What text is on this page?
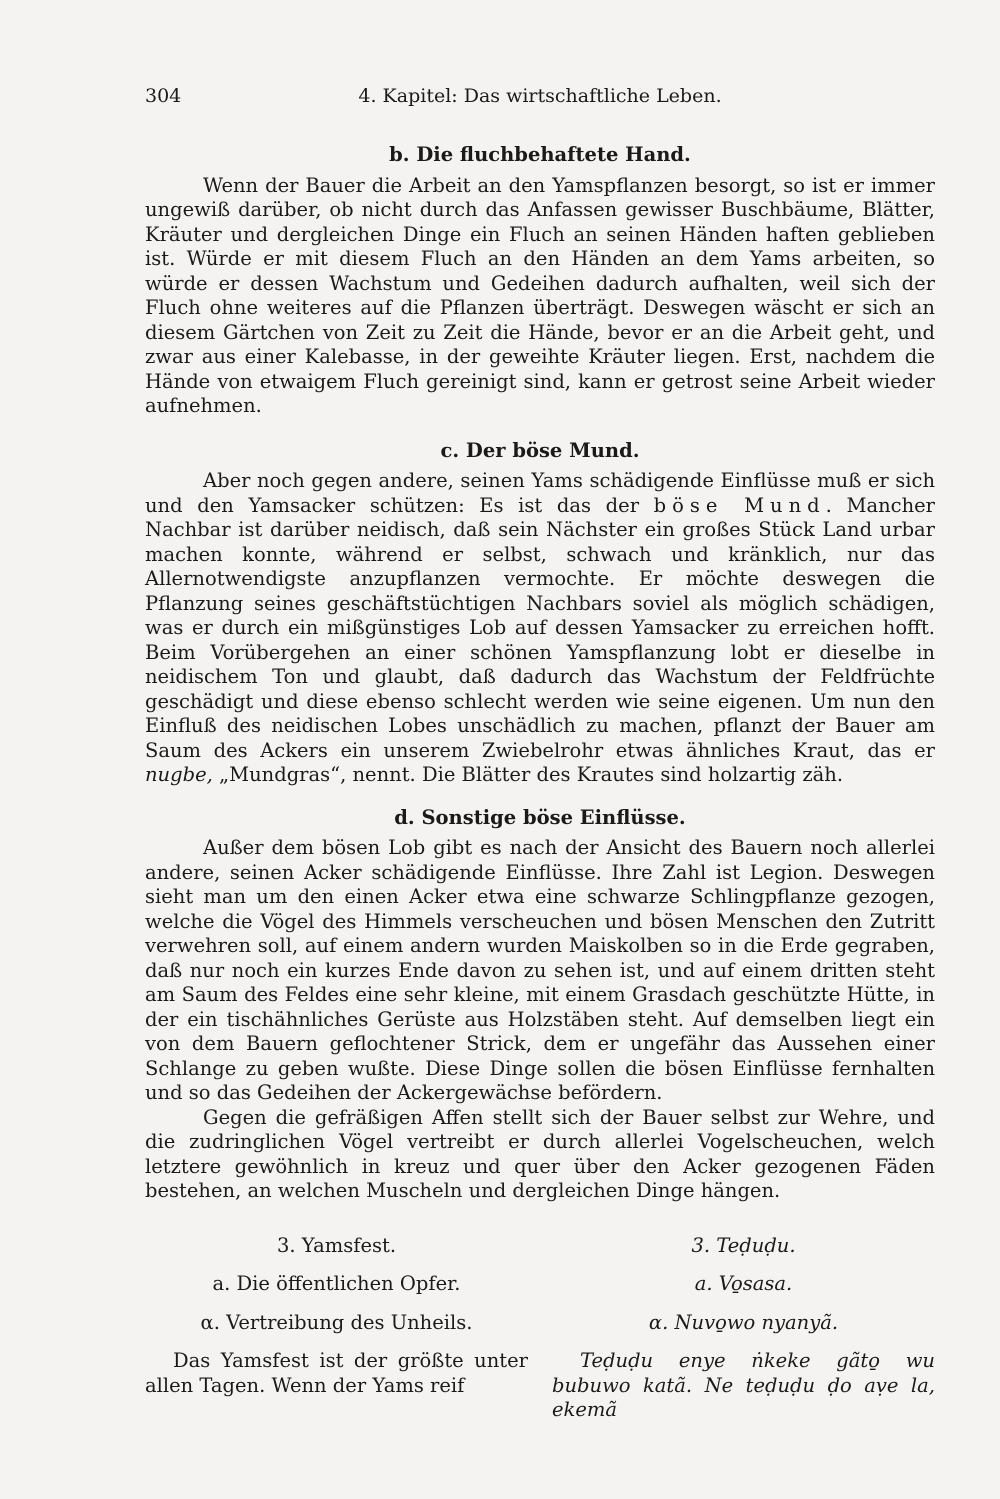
304	4. Kapitel: Das wirtschaftliche Leben.
b. Die fluchbehaftete Hand.

Wenn der Bauer die Arbeit an den Yamspflanzen besorgt, so ist er immer ungewiß darüber, ob nicht durch das Anfassen gewisser Buschbäume, Blätter, Kräuter und dergleichen Dinge ein Fluch an seinen Händen haften geblieben ist. Würde er mit diesem Fluch an den Händen an dem Yams arbeiten, so würde er dessen Wachstum und Gedeihen dadurch aufhalten, weil sich der Fluch ohne weiteres auf die Pflanzen überträgt. Deswegen wäscht er sich an diesem Gärtchen von Zeit zu Zeit die Hände, bevor er an die Arbeit geht, und zwar aus einer Kalebasse, in der geweihte Kräuter liegen. Erst, nachdem die Hände von etwaigem Fluch gereinigt sind, kann er getrost seine Arbeit wieder aufnehmen.

c. Der böse Mund.

Aber noch gegen andere, seinen Yams schädigende Einflüsse muß er sich und den Yamsacker schützen: Es ist das der böse Mund. Mancher Nachbar ist darüber neidisch, daß sein Nächster ein großes Stück Land urbar machen konnte, während er selbst, schwach und kränklich, nur das Allernotwendigste anzupflanzen vermochte. Er möchte deswegen die Pflanzung seines geschäftstüchtigen Nachbars soviel als möglich schädigen, was er durch ein mißgünstiges Lob auf dessen Yamsacker zu erreichen hofft. Beim Vorübergehen an einer schönen Yamspflanzung lobt er dieselbe in neidischem Ton und glaubt, daß dadurch das Wachstum der Feldfrüchte geschädigt und diese ebenso schlecht werden wie seine eigenen. Um nun den Einfluß des neidischen Lobes unschädlich zu machen, pflanzt der Bauer am Saum des Ackers ein unserem Zwiebelrohr etwas ähnliches Kraut, das er nugbe, „Mundgras“, nennt. Die Blätter des Krautes sind holzartig zäh.

d. Sonstige böse Einflüsse.

Außer dem bösen Lob gibt es nach der Ansicht des Bauern noch allerlei andere, seinen Acker schädigende Einflüsse. Ihre Zahl ist Legion. Deswegen sieht man um den einen Acker etwa eine schwarze Schlingpflanze gezogen, welche die Vögel des Himmels verscheuchen und bösen Menschen den Zutritt verwehren soll, auf einem andern wurden Maiskolben so in die Erde gegraben, daß nur noch ein kurzes Ende davon zu sehen ist, und auf einem dritten steht am Saum des Feldes eine sehr kleine, mit einem Grasdach geschützte Hütte, in der ein tischähnliches Gerüste aus Holzstäben steht. Auf demselben liegt ein von dem Bauern geflochtener Strick, dem er ungefähr das Aussehen einer Schlange zu geben wußte. Diese Dinge sollen die bösen Einflüsse fernhalten und so das Gedeihen der Ackergewächse befördern.

Gegen die gefräßigen Affen stellt sich der Bauer selbst zur Wehre, und die zudringlichen Vögel vertreibt er durch allerlei Vogelscheuchen, welch letztere gewöhnlich in kreuz und quer über den Acker gezogenen Fäden bestehen, an welchen Muscheln und dergleichen Dinge hängen.

3. Yamsfest.
a. Die öffentlichen Opfer.
α. Vertreibung des Unheils.

Das Yamsfest ist der größte unter allen Tagen. Wenn der Yams reif

3. Teḍuḍu.
a. Vo̱sasa.
α. Nuvo̱wo nyanyã.

Teḍuḍu enye ṅkeke gãto̱ wu bubuwo katã. Ne teḍuḍu ḍo aṿe la, ekemã
